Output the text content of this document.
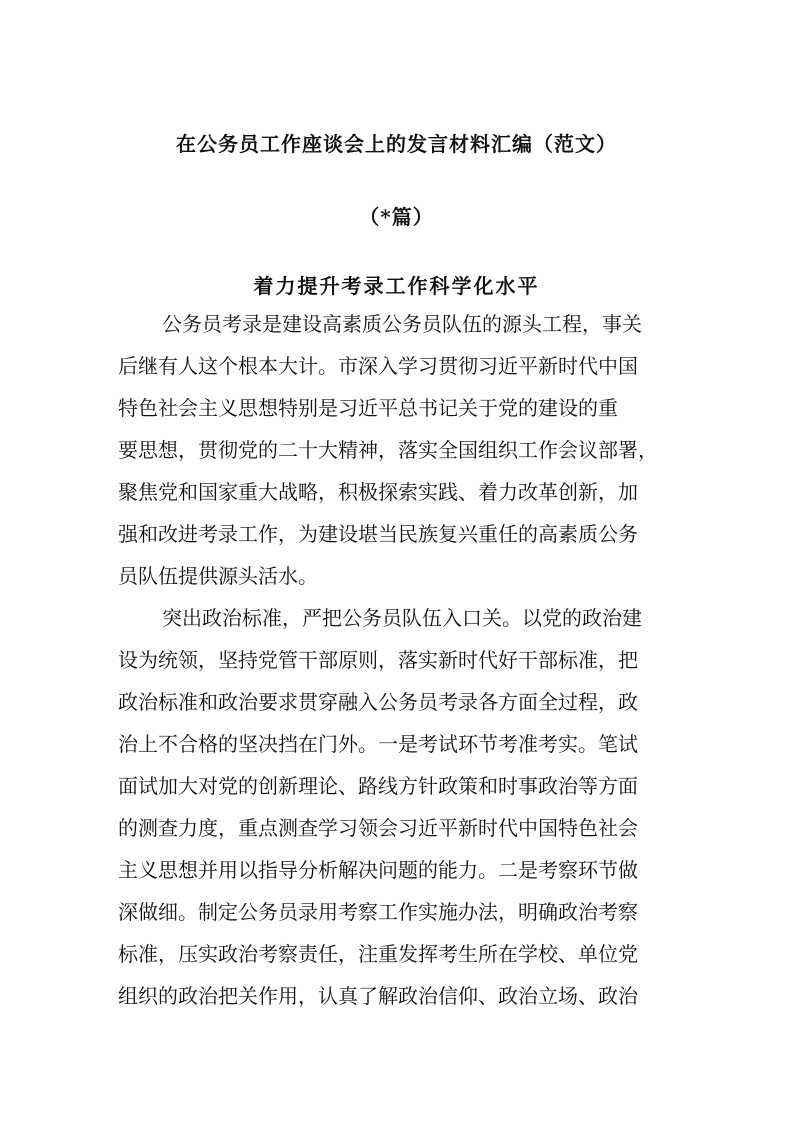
在公务员工作座谈会上的发言材料汇编（范文）
（*篇）
着力提升考录工作科学化水平
公务员考录是建设高素质公务员队伍的源头工程，事关
后继有人这个根本大计。市深入学习贯彻习近平新时代中国
特色社会主义思想特别是习近平总书记关于党的建设的重
要思想，贯彻党的二十大精神，落实全国组织工作会议部署，
聚焦党和国家重大战略，积极探索实践、着力改革创新，加
强和改进考录工作，为建设堪当民族复兴重任的高素质公务
员队伍提供源头活水。
突出政治标准，严把公务员队伍入口关。以党的政治建
设为统领，坚持党管干部原则，落实新时代好干部标准，把
政治标准和政治要求贯穿融入公务员考录各方面全过程，政
治上不合格的坚决挡在门外。一是考试环节考准考实。笔试
面试加大对党的创新理论、路线方针政策和时事政治等方面
的测查力度，重点测查学习领会习近平新时代中国特色社会
主义思想并用以指导分析解决问题的能力。二是考察环节做
深做细。制定公务员录用考察工作实施办法，明确政治考察
标准，压实政治考察责任，注重发挥考生所在学校、单位党
组织的政治把关作用，认真了解政治信仰、政治立场、政治
